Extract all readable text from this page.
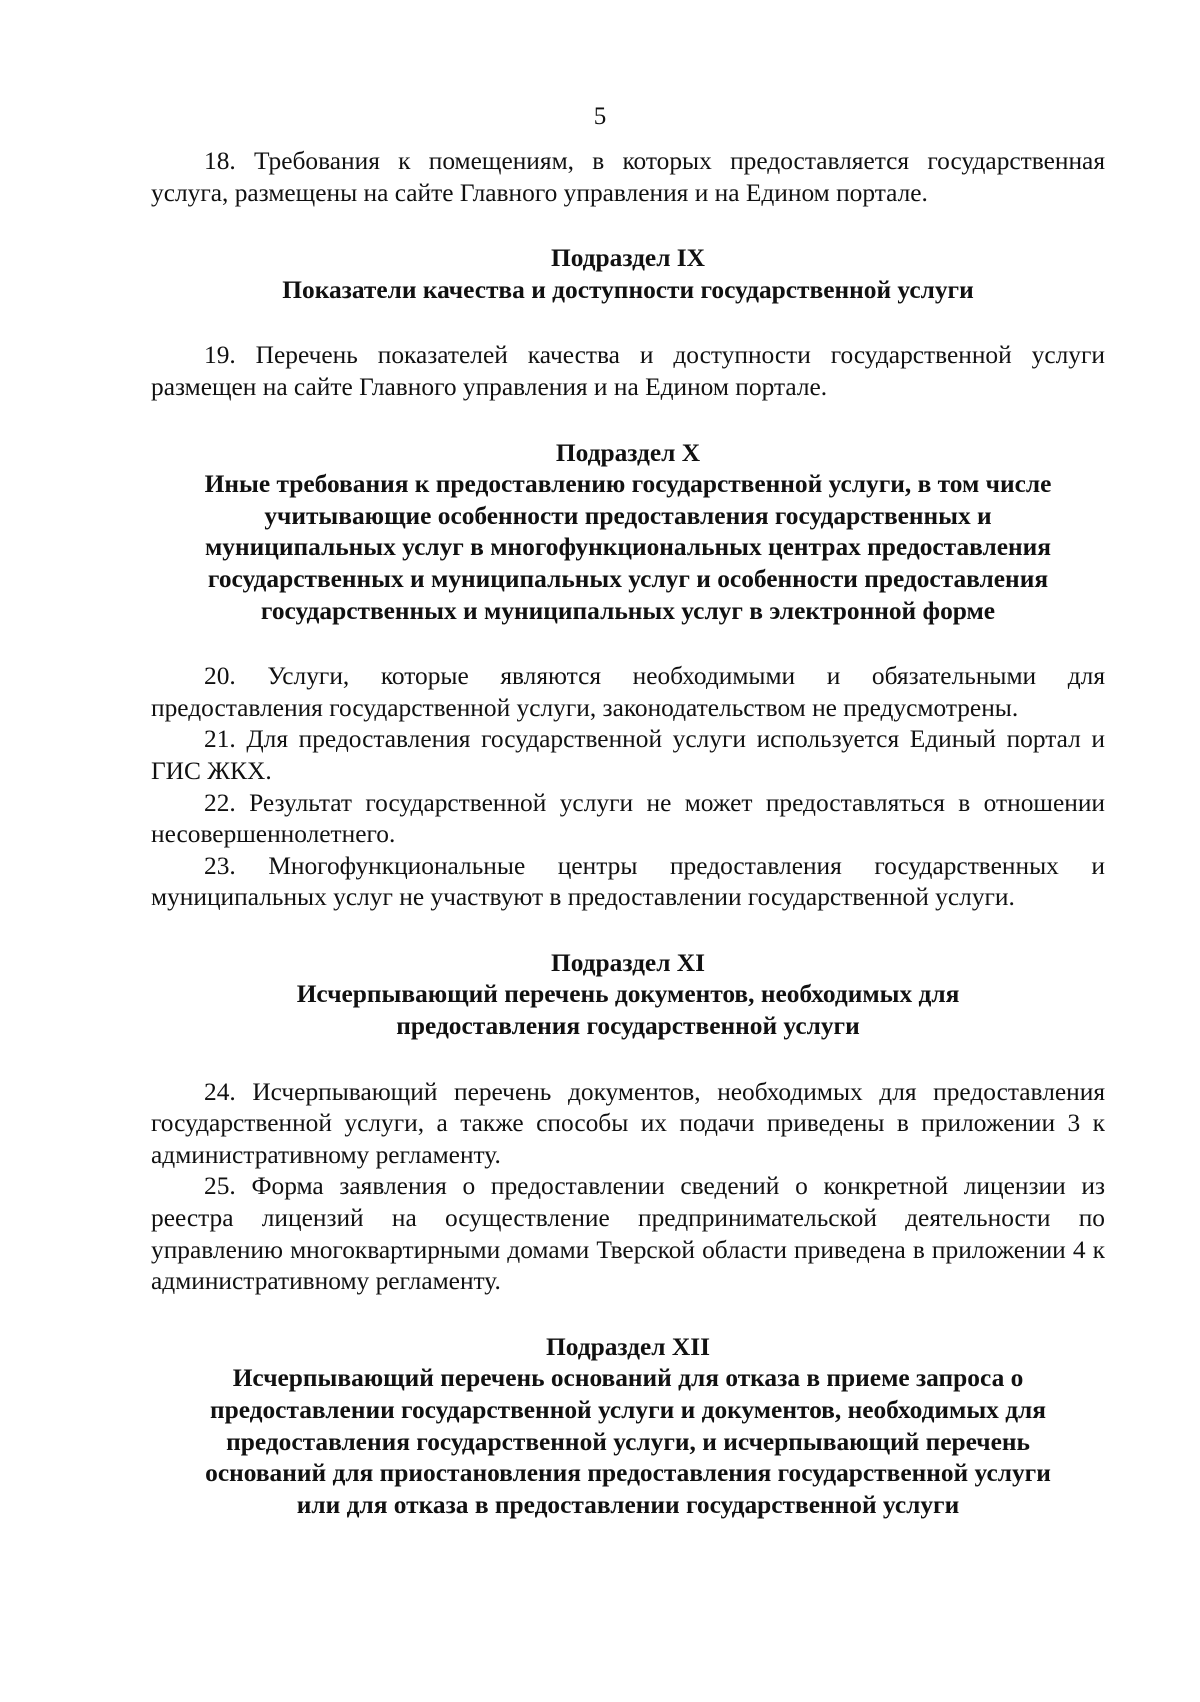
5

18. Требования к помещениям, в которых предоставляется государственная услуга, размещены на сайте Главного управления и на Едином портале.

Подраздел IX
Показатели качества и доступности государственной услуги

19. Перечень показателей качества и доступности государственной услуги размещен на сайте Главного управления и на Едином портале.

Подраздел X
Иные требования к предоставлению государственной услуги, в том числе
учитывающие особенности предоставления государственных и
муниципальных услуг в многофункциональных центрах предоставления
государственных и муниципальных услуг и особенности предоставления
государственных и муниципальных услуг в электронной форме

20. Услуги, которые являются необходимыми и обязательными для предоставления государственной услуги, законодательством не предусмотрены.

21. Для предоставления государственной услуги используется Единый портал и ГИС ЖКХ.

22. Результат государственной услуги не может предоставляться в отношении несовершеннолетнего.

23. Многофункциональные центры предоставления государственных и муниципальных услуг не участвуют в предоставлении государственной услуги.

Подраздел XI
Исчерпывающий перечень документов, необходимых для
предоставления государственной услуги

24. Исчерпывающий перечень документов, необходимых для предоставления государственной услуги, а также способы их подачи приведены в приложении 3 к административному регламенту.

25. Форма заявления о предоставлении сведений о конкретной лицензии из реестра лицензий на осуществление предпринимательской деятельности по управлению многоквартирными домами Тверской области приведена в приложении 4 к административному регламенту.

Подраздел XII
Исчерпывающий перечень оснований для отказа в приеме запроса о
предоставлении государственной услуги и документов, необходимых для
предоставления государственной услуги, и исчерпывающий перечень
оснований для приостановления предоставления государственной услуги
или для отказа в предоставлении государственной услуги
